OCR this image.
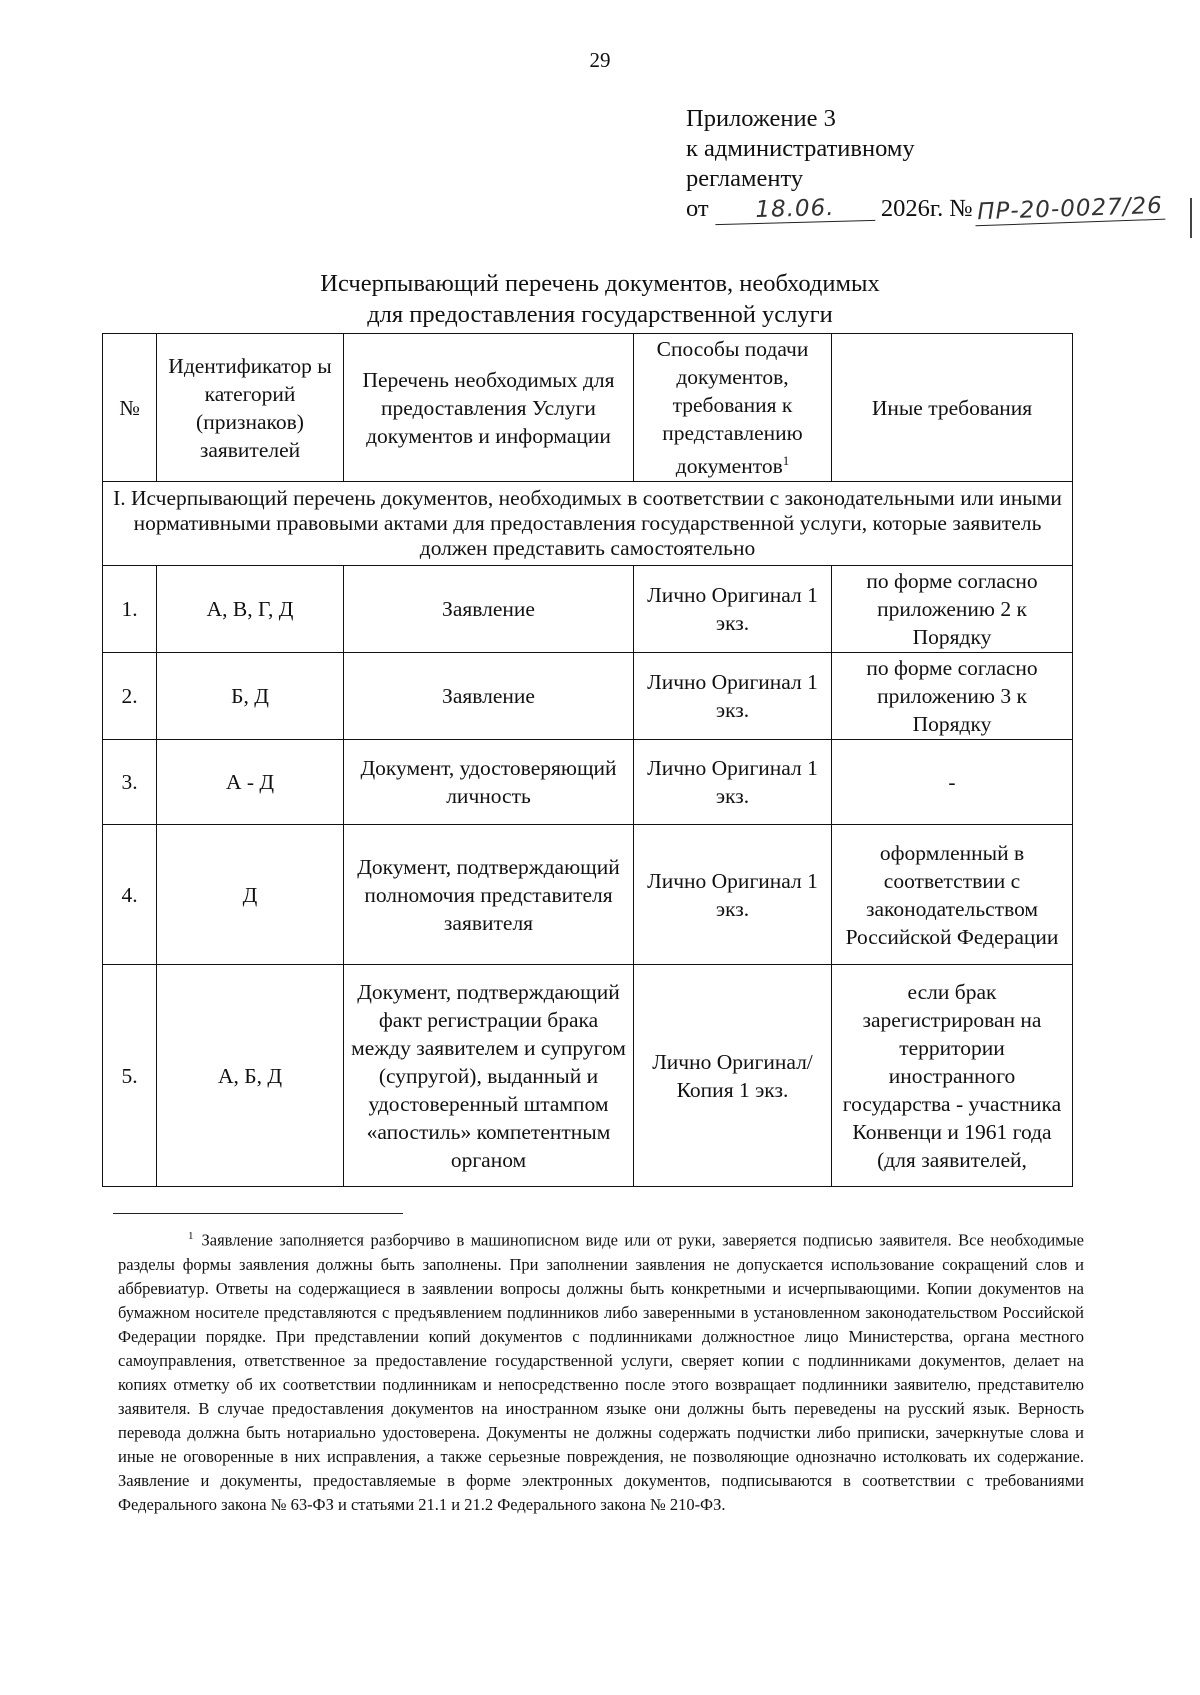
29
Приложение 3
к административному
регламенту
от 18.06. 2026г. № ПР-20-0027/26
Исчерпывающий перечень документов, необходимых
для предоставления государственной услуги
№	Идентификатор ы категорий (признаков) заявителей	Перечень необходимых для предоставления Услуги документов и информации	Способы подачи документов, требования к представлению документов$^1$	Иные требования
I. Исчерпывающий перечень документов, необходимых в соответствии с законодательными или иными нормативными правовыми актами для предоставления государственной услуги, которые заявитель должен представить самостоятельно				
1.	А, В, Г, Д	Заявление	Лично Оригинал 1 экз.	по форме согласно приложению 2 к Порядку
2.	Б, Д	Заявление	Лично Оригинал 1 экз.	по форме согласно приложению 3 к Порядку
3.	А - Д	Документ, удостоверяющий личность	Лично Оригинал 1 экз.	-
4.	Д	Документ, подтверждающий полномочия представителя заявителя	Лично Оригинал 1 экз.	оформленный в соответствии с законодательством Российской Федерации
5.	А, Б, Д	Документ, подтверждающий факт регистрации брака между заявителем и супругом (супругой), выданный и удостоверенный штампом «апостиль» компетентным органом	Лично Оригинал/Копия 1 экз.	если брак зарегистрирован на территории иностранного государства - участника Конвенци и 1961 года (для заявителей,
$^1$ Заявление заполняется разборчиво в машинописном виде или от руки, заверяется подписью заявителя. Все необходимые разделы формы заявления должны быть заполнены. При заполнении заявления не допускается использование сокращений слов и аббревиатур. Ответы на содержащиеся в заявлении вопросы должны быть конкретными и исчерпывающими. Копии документов на бумажном носителе представляются с предъявлением подлинников либо заверенными в установленном законодательством Российской Федерации порядке. При представлении копий документов с подлинниками должностное лицо Министерства, органа местного самоуправления, ответственное за предоставление государственной услуги, сверяет копии с подлинниками документов, делает на копиях отметку об их соответствии подлинникам и непосредственно после этого возвращает подлинники заявителю, представителю заявителя. В случае предоставления документов на иностранном языке они должны быть переведены на русский язык. Верность перевода должна быть нотариально удостоверена. Документы не должны содержать подчистки либо приписки, зачеркнутые слова и иные не оговоренные в них исправления, а также серьезные повреждения, не позволяющие однозначно истолковать их содержание. Заявление и документы, предоставляемые в форме электронных документов, подписываются в соответствии с требованиями Федерального закона № 63-ФЗ и статьями 21.1 и 21.2 Федерального закона № 210-ФЗ.
